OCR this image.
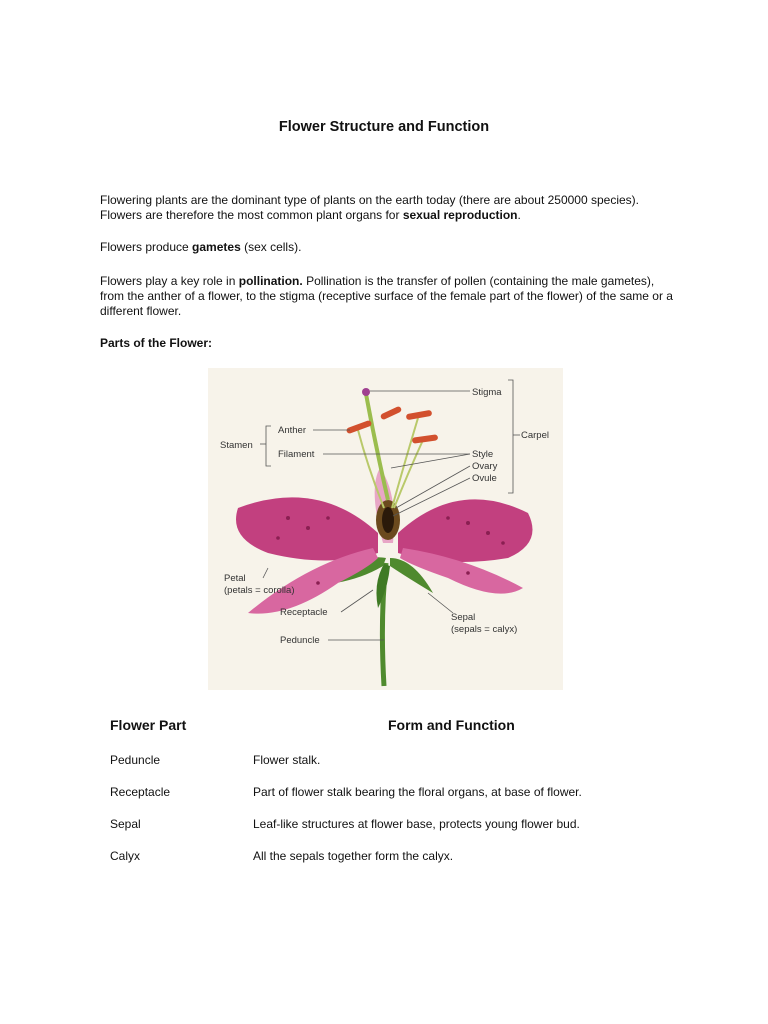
Flower Structure and Function
Flowering plants are the dominant type of plants on the earth today (there are about 250000 species). Flowers are therefore the most common plant organs for sexual reproduction.
Flowers produce gametes (sex cells).
Flowers play a key role in pollination. Pollination is the transfer of pollen (containing the male gametes), from the anther of a flower, to the stigma (receptive surface of the female part of the flower) of the same or a different flower.
Parts of the Flower:
Stigma
Carpel
Anther
Stamen
Filament	Style
Ovary
Ovule
Petal
(petals = corolla)
Receptacle	Sepal
(sepals = calyx)
Peduncle
Flower Part	Form and Function
Peduncle	Flower stalk.
Receptacle	Part of flower stalk bearing the floral organs, at base of flower.
Sepal	Leaf-like structures at flower base, protects young flower bud.
Calyx	All the sepals together form the calyx.
